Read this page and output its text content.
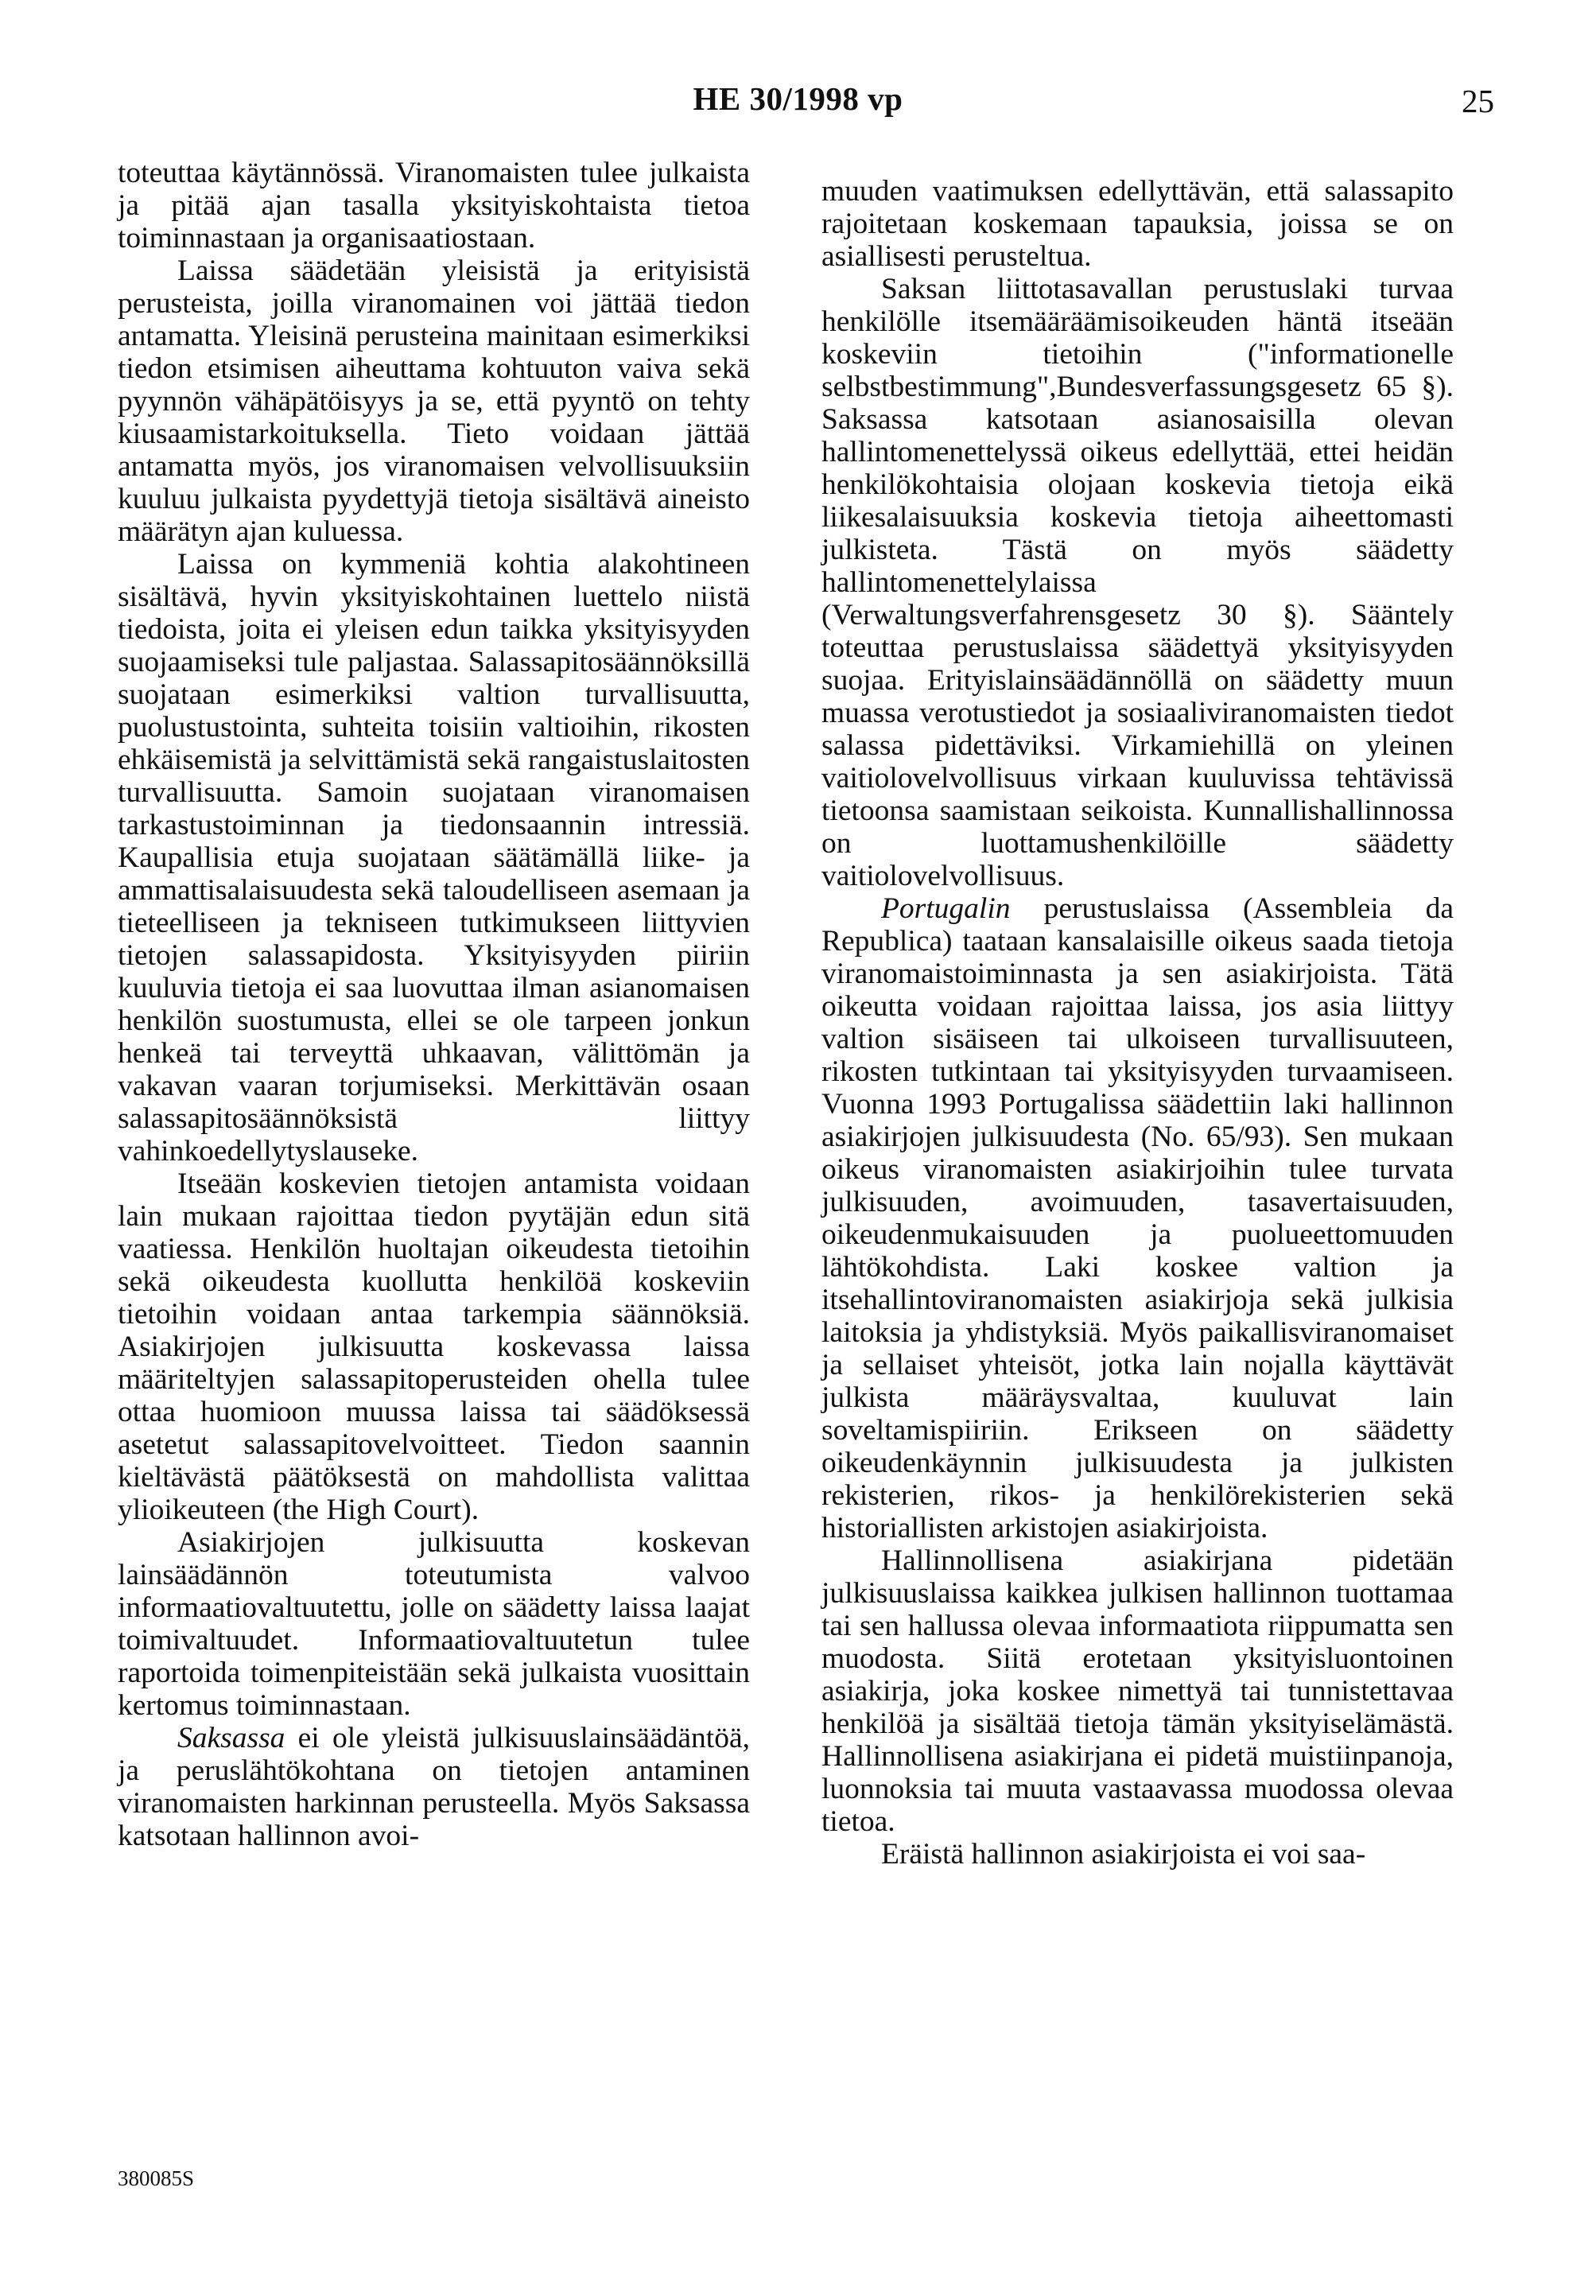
HE 30/1998 vp	25

toteuttaa käytännössä. Viranomaisten tulee julkaista ja pitää ajan tasalla yksityiskohtaista tietoa toiminnastaan ja organisaatiostaan.

Laissa säädetään yleisistä ja erityisistä perusteista, joilla viranomainen voi jättää tiedon antamatta. Yleisinä perusteina mainitaan esimerkiksi tiedon etsimisen aiheuttama kohtuuton vaiva sekä pyynnön vähäpätöisyys ja se, että pyyntö on tehty kiusaamistarkoituksella. Tieto voidaan jättää antamatta myös, jos viranomaisen velvollisuuksiin kuuluu julkaista pyydettyjä tietoja sisältävä aineisto määrätyn ajan kuluessa.

Laissa on kymmeniä kohtia alakohtineen sisältävä, hyvin yksityiskohtainen luettelo niistä tiedoista, joita ei yleisen edun taikka yksityisyyden suojaamiseksi tule paljastaa. Salassapitosäännöksillä suojataan esimerkiksi valtion turvallisuutta, puolustustointa, suhteita toisiin valtioihin, rikosten ehkäisemistä ja selvittämistä sekä rangaistuslaitosten turvallisuutta. Samoin suojataan viranomaisen tarkastustoiminnan ja tiedonsaannin intressiä. Kaupallisia etuja suojataan säätämällä liike- ja ammattisalaisuudesta sekä taloudelliseen asemaan ja tieteelliseen ja tekniseen tutkimukseen liittyvien tietojen salassapidosta. Yksityisyyden piiriin kuuluvia tietoja ei saa luovuttaa ilman asianomaisen henkilön suostumusta, ellei se ole tarpeen jonkun henkeä tai terveyttä uhkaavan, välittömän ja vakavan vaaran torjumiseksi. Merkittävän osaan salassapitosäännöksistä liittyy vahinkoedellytyslauseke.

Itseään koskevien tietojen antamista voidaan lain mukaan rajoittaa tiedon pyytäjän edun sitä vaatiessa. Henkilön huoltajan oikeudesta tietoihin sekä oikeudesta kuollutta henkilöä koskeviin tietoihin voidaan antaa tarkempia säännöksiä. Asiakirjojen julkisuutta koskevassa laissa määriteltyjen salassapitoperusteiden ohella tulee ottaa huomioon muussa laissa tai säädöksessä asetetut salassapitovelvoitteet. Tiedon saannin kieltävästä päätöksestä on mahdollista valittaa ylioikeuteen (the High Court).

Asiakirjojen julkisuutta koskevan lainsäädännön toteutumista valvoo informaatiovaltuutettu, jolle on säädetty laissa laajat toimivaltuudet. Informaatiovaltuutetun tulee raportoida toimenpiteistään sekä julkaista vuosittain kertomus toiminnastaan.

Saksassa ei ole yleistä julkisuuslainsäädäntöä, ja peruslähtökohtana on tietojen antaminen viranomaisten harkinnan perusteella. Myös Saksassa katsotaan hallinnon avoi-

muuden vaatimuksen edellyttävän, että salassapito rajoitetaan koskemaan tapauksia, joissa se on asiallisesti perusteltua.

Saksan liittotasavallan perustuslaki turvaa henkilölle itsemääräämisoikeuden häntä itseään koskeviin tietoihin ("informationelle selbstbestimmung",Bundesverfassungsgesetz 65 §). Saksassa katsotaan asianosaisilla olevan hallintomenettelyssä oikeus edellyttää, ettei heidän henkilökohtaisia olojaan koskevia tietoja eikä liikesalaisuuksia koskevia tietoja aiheettomasti julkisteta. Tästä on myös säädetty hallintomenettelylaissa (Verwaltungsverfahrensgesetz 30 §). Sääntely toteuttaa perustuslaissa säädettyä yksityisyyden suojaa. Erityislainsäädännöllä on säädetty muun muassa verotustiedot ja sosiaaliviranomaisten tiedot salassa pidettäviksi. Virkamiehillä on yleinen vaitiolovelvollisuus virkaan kuuluvissa tehtävissä tietoonsa saamistaan seikoista. Kunnallishallinnossa on luottamushenkilöille säädetty vaitiolovelvollisuus.

Portugalin perustuslaissa (Assembleia da Republica) taataan kansalaisille oikeus saada tietoja viranomaistoiminnasta ja sen asiakirjoista. Tätä oikeutta voidaan rajoittaa laissa, jos asia liittyy valtion sisäiseen tai ulkoiseen turvallisuuteen, rikosten tutkintaan tai yksityisyyden turvaamiseen. Vuonna 1993 Portugalissa säädettiin laki hallinnon asiakirjojen julkisuudesta (No. 65/93). Sen mukaan oikeus viranomaisten asiakirjoihin tulee turvata julkisuuden, avoimuuden, tasavertaisuuden, oikeudenmukaisuuden ja puolueettomuuden lähtökohdista. Laki koskee valtion ja itsehallintoviranomaisten asiakirjoja sekä julkisia laitoksia ja yhdistyksiä. Myös paikallisviranomaiset ja sellaiset yhteisöt, jotka lain nojalla käyttävät julkista määräysvaltaa, kuuluvat lain soveltamispiiriin. Erikseen on säädetty oikeudenkäynnin julkisuudesta ja julkisten rekisterien, rikos- ja henkilörekisterien sekä historiallisten arkistojen asiakirjoista.

Hallinnollisena asiakirjana pidetään julkisuuslaissa kaikkea julkisen hallinnon tuottamaa tai sen hallussa olevaa informaatiota riippumatta sen muodosta. Siitä erotetaan yksityisluontoinen asiakirja, joka koskee nimettyä tai tunnistettavaa henkilöä ja sisältää tietoja tämän yksityiselämästä. Hallinnollisena asiakirjana ei pidetä muistiinpanoja, luonnoksia tai muuta vastaavassa muodossa olevaa tietoa.

Eräistä hallinnon asiakirjoista ei voi saa-

380085S
